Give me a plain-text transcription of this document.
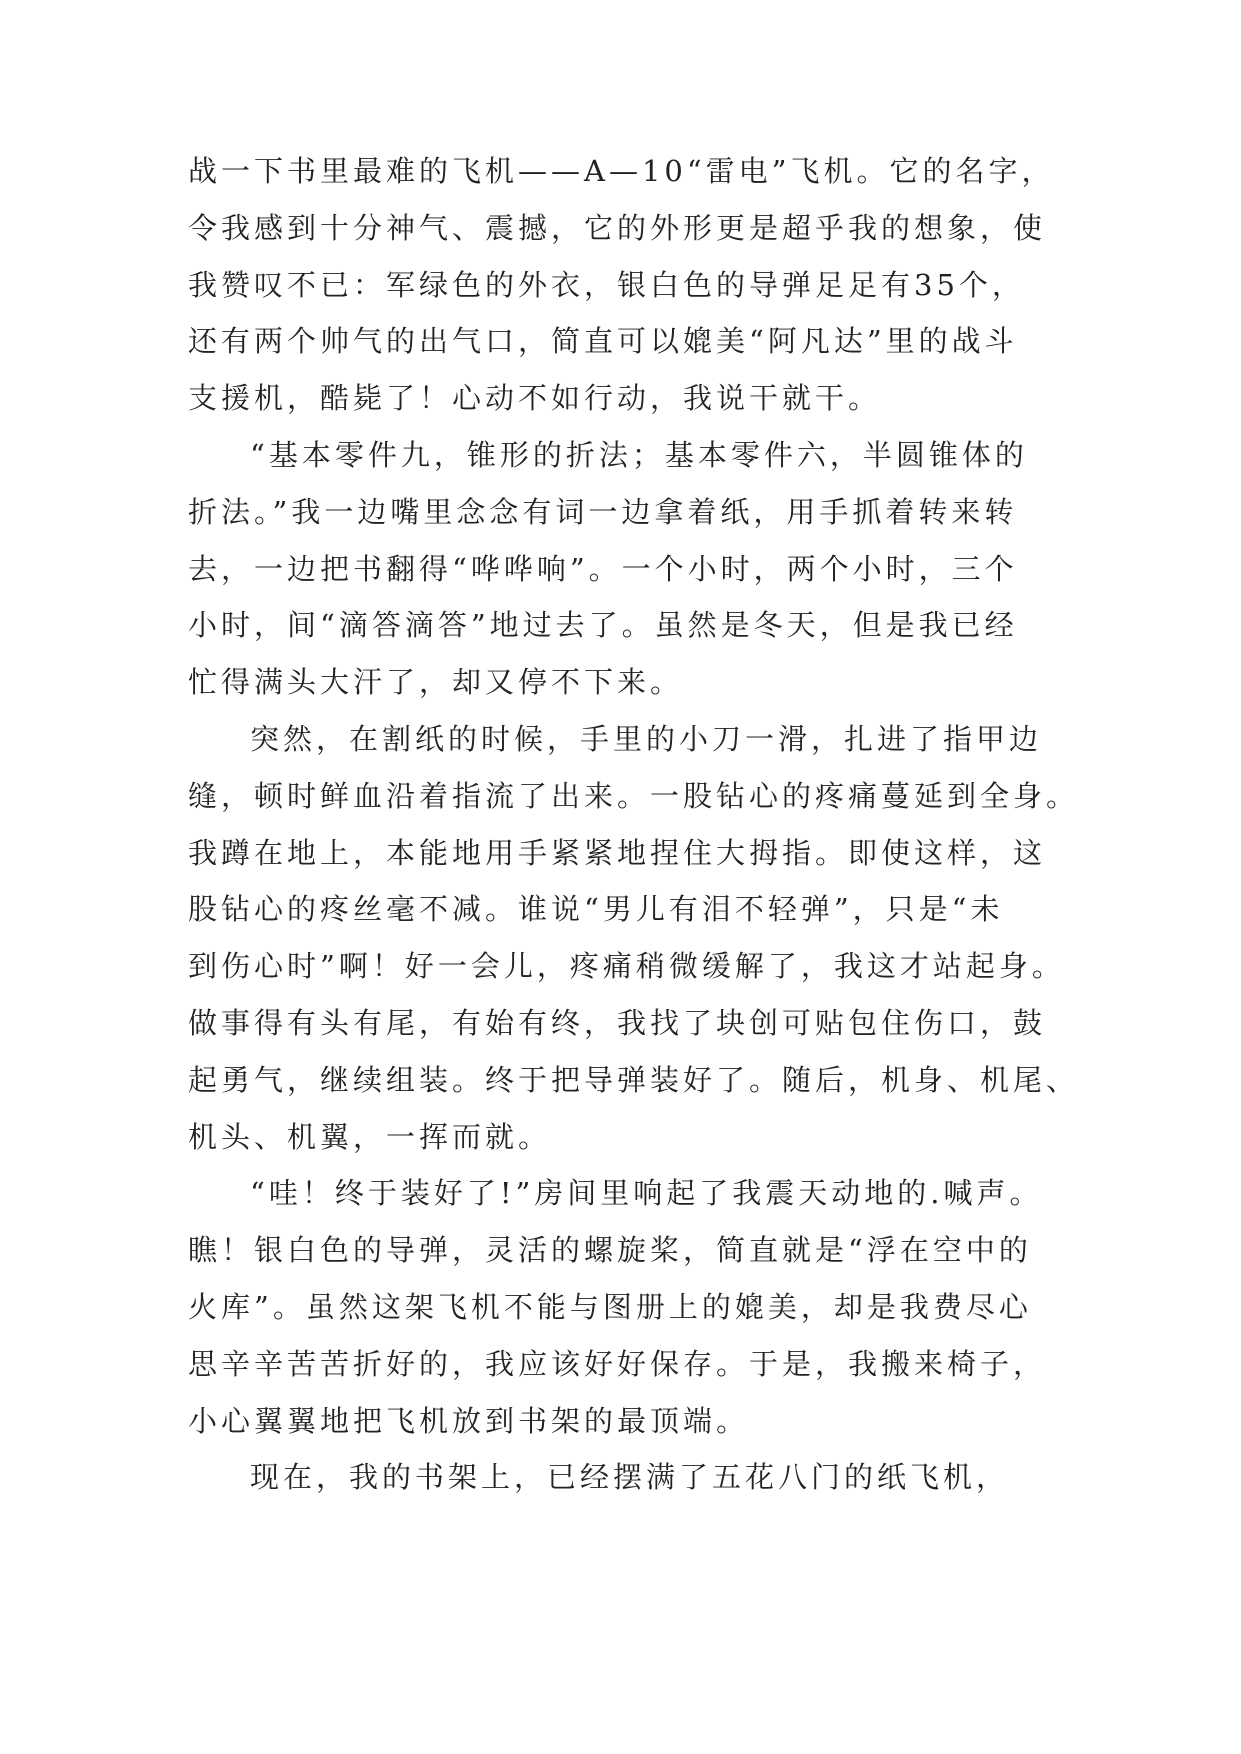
战一下书里最难的飞机——A—10“雷电”飞机。它的名字，
令我感到十分神气、震撼，它的外形更是超乎我的想象，使
我赞叹不已：军绿色的外衣，银白色的导弹足足有35个，
还有两个帅气的出气口，简直可以媲美“阿凡达”里的战斗
支援机，酷毙了！心动不如行动，我说干就干。
“基本零件九，锥形的折法；基本零件六，半圆锥体的
折法。”我一边嘴里念念有词一边拿着纸，用手抓着转来转
去，一边把书翻得“哗哗响”。一个小时，两个小时，三个
小时，间“滴答滴答”地过去了。虽然是冬天，但是我已经
忙得满头大汗了，却又停不下来。
突然，在割纸的时候，手里的小刀一滑，扎进了指甲边
缝，顿时鲜血沿着指流了出来。一股钻心的疼痛蔓延到全身。
我蹲在地上，本能地用手紧紧地捏住大拇指。即使这样，这
股钻心的疼丝毫不减。谁说“男儿有泪不轻弹”，只是“未
到伤心时”啊！好一会儿，疼痛稍微缓解了，我这才站起身。
做事得有头有尾，有始有终，我找了块创可贴包住伤口，鼓
起勇气，继续组装。终于把导弹装好了。随后，机身、机尾、
机头、机翼，一挥而就。
“哇！终于装好了!”房间里响起了我震天动地的.喊声。
瞧！银白色的导弹，灵活的螺旋桨，简直就是“浮在空中的
火库”。虽然这架飞机不能与图册上的媲美，却是我费尽心
思辛辛苦苦折好的，我应该好好保存。于是，我搬来椅子，
小心翼翼地把飞机放到书架的最顶端。
现在，我的书架上，已经摆满了五花八门的纸飞机，
